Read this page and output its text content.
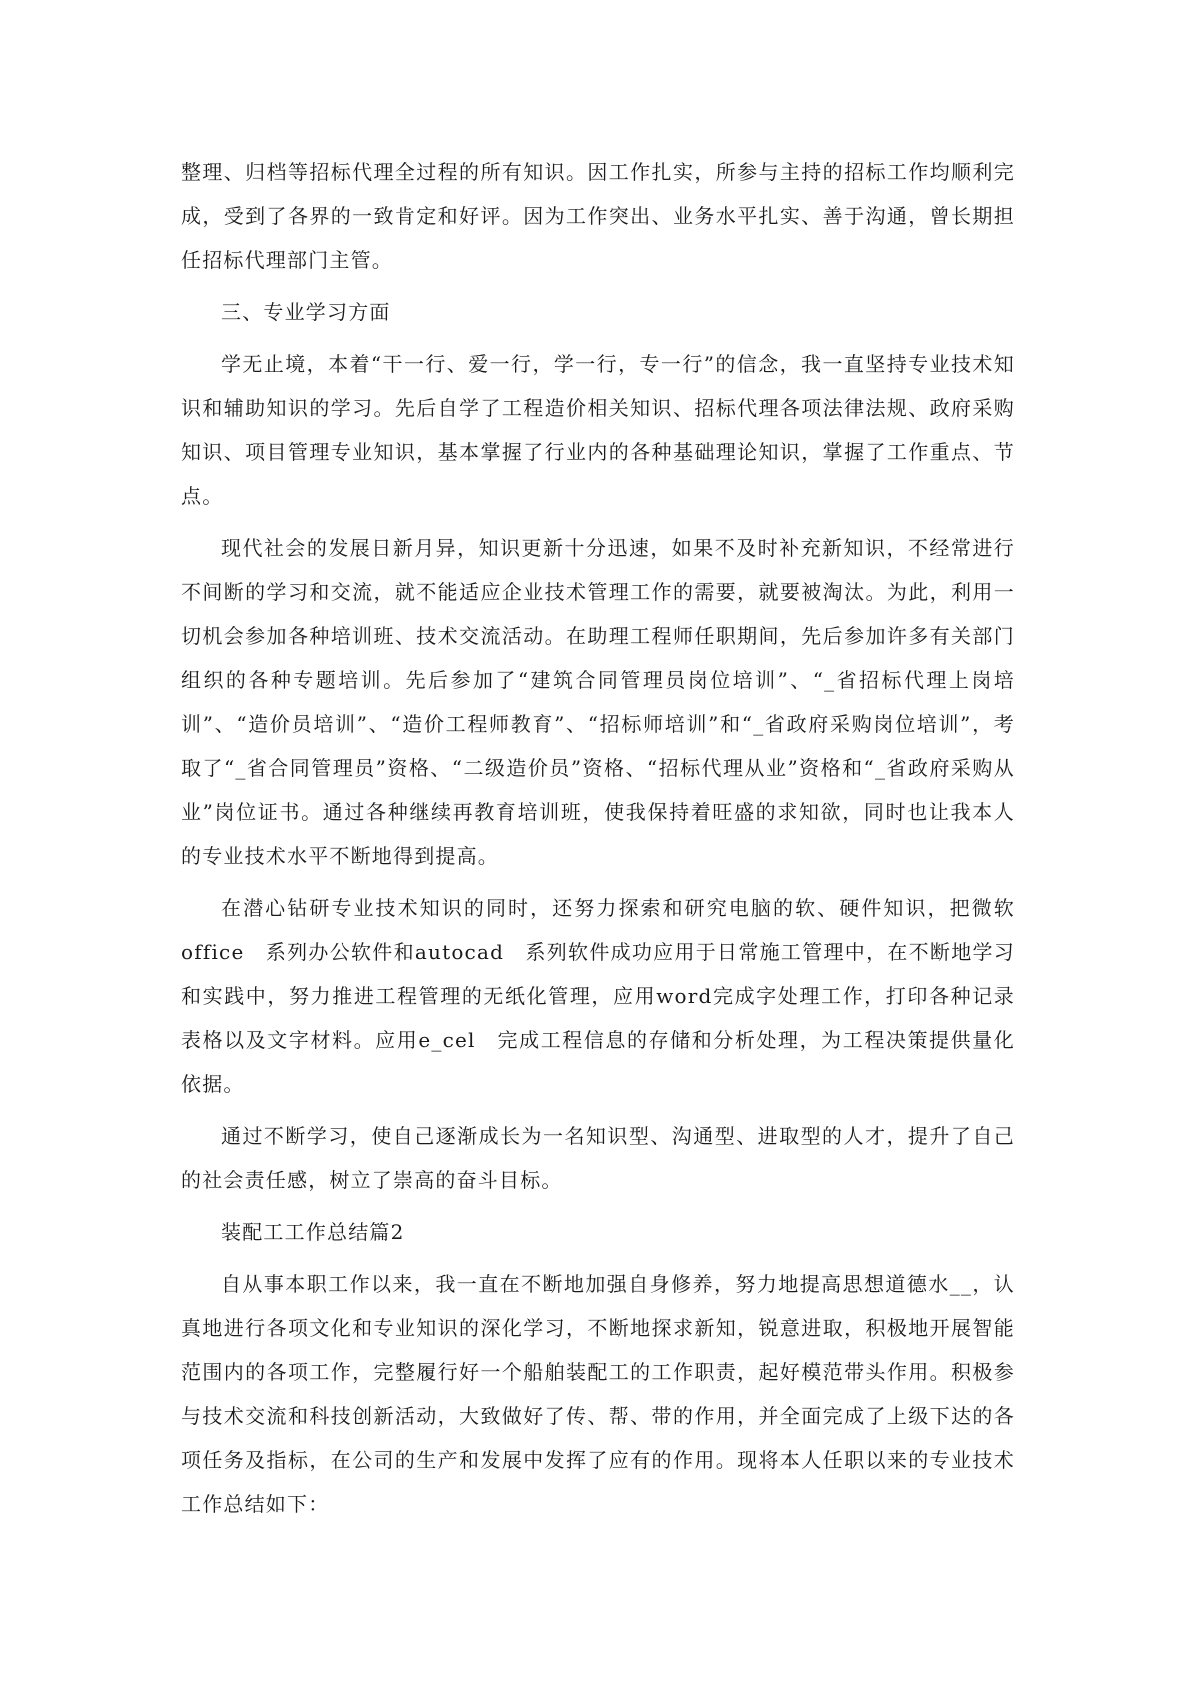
整理、归档等招标代理全过程的所有知识。因工作扎实，所参与主持的招标工作均顺利完成，受到了各界的一致肯定和好评。因为工作突出、业务水平扎实、善于沟通，曾长期担任招标代理部门主管。

三、专业学习方面

学无止境，本着“干一行、爱一行，学一行，专一行”的信念，我一直坚持专业技术知识和辅助知识的学习。先后自学了工程造价相关知识、招标代理各项法律法规、政府采购知识、项目管理专业知识，基本掌握了行业内的各种基础理论知识，掌握了工作重点、节点。

现代社会的发展日新月异，知识更新十分迅速，如果不及时补充新知识，不经常进行不间断的学习和交流，就不能适应企业技术管理工作的需要，就要被淘汰。为此，利用一切机会参加各种培训班、技术交流活动。在助理工程师任职期间，先后参加许多有关部门组织的各种专题培训。先后参加了“建筑合同管理员岗位培训”、“_省招标代理上岗培训”、“造价员培训”、“造价工程师教育”、“招标师培训”和“_省政府采购岗位培训”，考取了“_省合同管理员”资格、“二级造价员”资格、“招标代理从业”资格和“_省政府采购从业”岗位证书。通过各种继续再教育培训班，使我保持着旺盛的求知欲，同时也让我本人的专业技术水平不断地得到提高。

在潜心钻研专业技术知识的同时，还努力探索和研究电脑的软、硬件知识，把微软office　系列办公软件和autocad　系列软件成功应用于日常施工管理中，在不断地学习和实践中，努力推进工程管理的无纸化管理，应用word完成字处理工作，打印各种记录表格以及文字材料。应用e_cel　完成工程信息的存储和分析处理，为工程决策提供量化依据。

通过不断学习，使自己逐渐成长为一名知识型、沟通型、进取型的人才，提升了自己的社会责任感，树立了崇高的奋斗目标。

装配工工作总结篇2

自从事本职工作以来，我一直在不断地加强自身修养，努力地提高思想道德水__，认真地进行各项文化和专业知识的深化学习，不断地探求新知，锐意进取，积极地开展智能范围内的各项工作，完整履行好一个船舶装配工的工作职责，起好模范带头作用。积极参与技术交流和科技创新活动，大致做好了传、帮、带的作用，并全面完成了上级下达的各项任务及指标，在公司的生产和发展中发挥了应有的作用。现将本人任职以来的专业技术工作总结如下：
